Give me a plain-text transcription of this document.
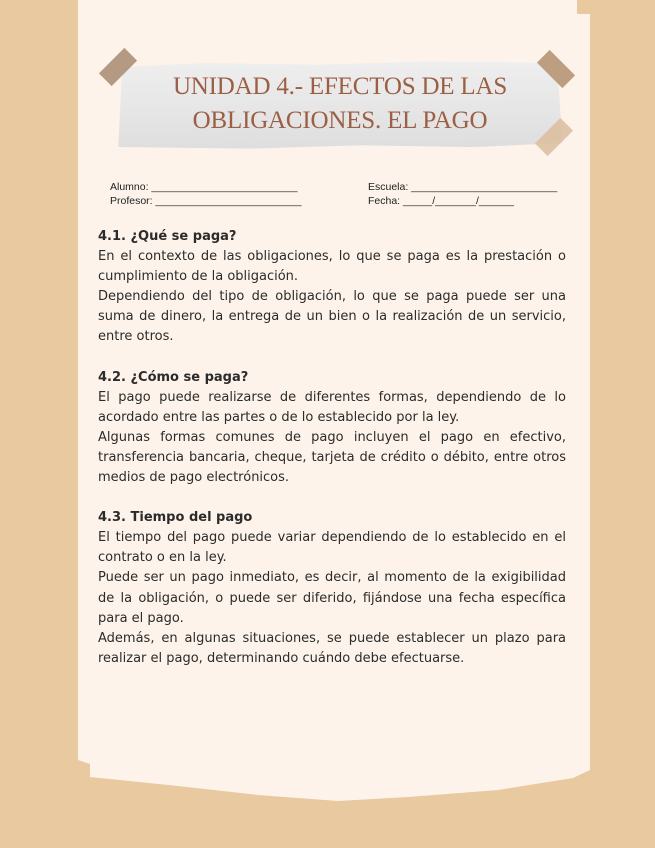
UNIDAD 4.- EFECTOS DE LAS
OBLIGACIONES. EL PAGO
Alumno: _________________________	Escuela: _________________________
Profesor: _________________________	Fecha: _____/_______/______
4.1. ¿Qué se paga?

En el contexto de las obligaciones, lo que se paga es la prestación o cumplimiento de la obligación.

Dependiendo del tipo de obligación, lo que se paga puede ser una suma de dinero, la entrega de un bien o la realización de un servicio, entre otros.

4.2. ¿Cómo se paga?

El pago puede realizarse de diferentes formas, dependiendo de lo acordado entre las partes o de lo establecido por la ley.

Algunas formas comunes de pago incluyen el pago en efectivo, transferencia bancaria, cheque, tarjeta de crédito o débito, entre otros medios de pago electrónicos.

4.3. Tiempo del pago

El tiempo del pago puede variar dependiendo de lo establecido en el contrato o en la ley.

Puede ser un pago inmediato, es decir, al momento de la exigibilidad de la obligación, o puede ser diferido, fijándose una fecha específica para el pago.

Además, en algunas situaciones, se puede establecer un plazo para realizar el pago, determinando cuándo debe efectuarse.
